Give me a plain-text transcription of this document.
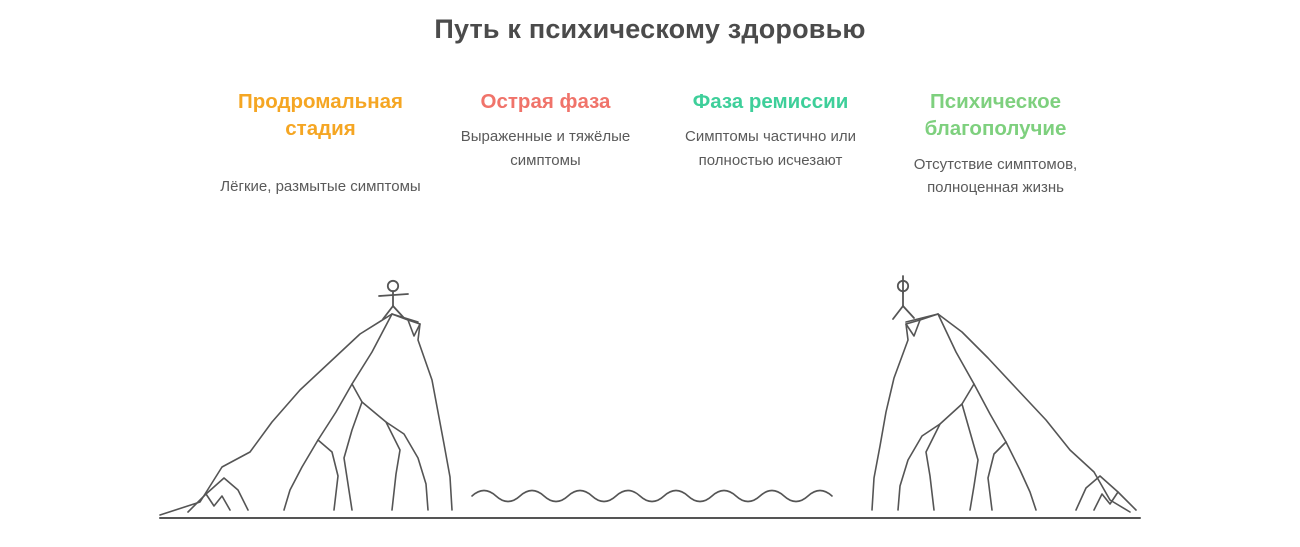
Путь к психическому здоровью
Продромальная стадия
Лёгкие, размытые симптомы
Острая фаза
Выраженные и тяжёлые симптомы
Фаза ремиссии
Симптомы частично или полностью исчезают
Психическое благополучие
Отсутствие симптомов, полноценная жизнь
